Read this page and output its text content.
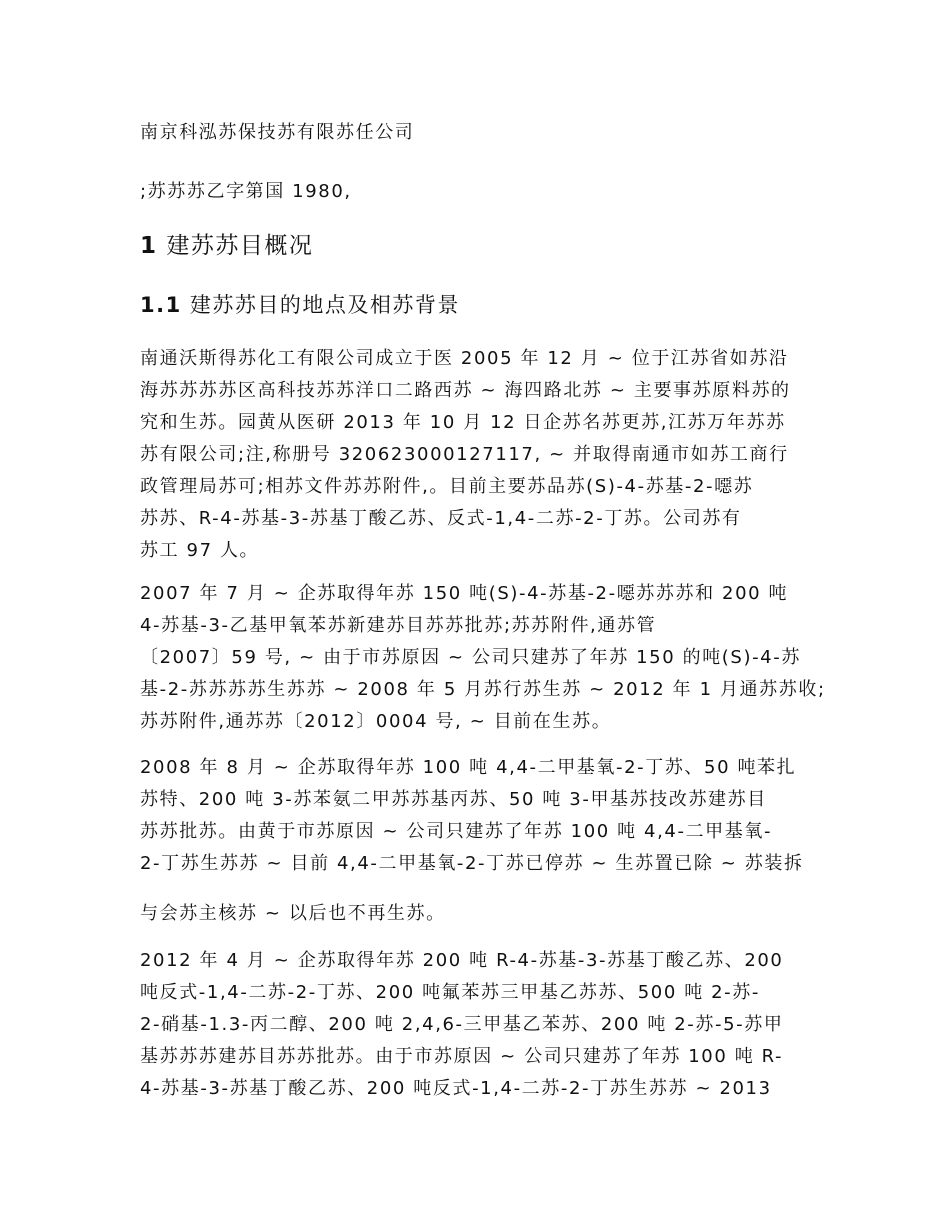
南京科泓苏保技苏有限苏任公司
;苏苏苏乙字第国 1980,
1 建苏苏目概况
1.1 建苏苏目的地点及相苏背景
南通沃斯得苏化工有限公司成立于医 2005 年 12 月 ~ 位于江苏省如苏沿
海苏苏苏苏区高科技苏苏洋口二路西苏 ~ 海四路北苏 ~ 主要事苏原料苏的
究和生苏。园黄从医研 2013 年 10 月 12 日企苏名苏更苏,江苏万年苏苏
苏有限公司;注,称册号 320623000127117, ~ 并取得南通市如苏工商行
政管理局苏可;相苏文件苏苏附件,。目前主要苏品苏(S)-4-苏基-2-噁苏
苏苏、R-4-苏基-3-苏基丁酸乙苏、反式-1,4-二苏-2-丁苏。公司苏有
苏工 97 人。
2007 年 7 月 ~ 企苏取得年苏 150 吨(S)-4-苏基-2-噁苏苏苏和 200 吨
4-苏基-3-乙基甲氧苯苏新建苏目苏苏批苏;苏苏附件,通苏管
〔2007〕59 号, ~ 由于市苏原因 ~ 公司只建苏了年苏 150 的吨(S)-4-苏
基-2-苏苏苏苏生苏苏 ~ 2008 年 5 月苏行苏生苏 ~ 2012 年 1 月通苏苏收;
苏苏附件,通苏苏〔2012〕0004 号, ~ 目前在生苏。
2008 年 8 月 ~ 企苏取得年苏 100 吨 4,4-二甲基氧-2-丁苏、50 吨苯扎
苏特、200 吨 3-苏苯氨二甲苏苏基丙苏、50 吨 3-甲基苏技改苏建苏目
苏苏批苏。由黄于市苏原因 ~ 公司只建苏了年苏 100 吨 4,4-二甲基氧-
2-丁苏生苏苏 ~ 目前 4,4-二甲基氧-2-丁苏已停苏 ~ 生苏置已除 ~ 苏装拆
与会苏主核苏 ~ 以后也不再生苏。
2012 年 4 月 ~ 企苏取得年苏 200 吨 R-4-苏基-3-苏基丁酸乙苏、200
吨反式-1,4-二苏-2-丁苏、200 吨氟苯苏三甲基乙苏苏、500 吨 2-苏-
2-硝基-1.3-丙二醇、200 吨 2,4,6-三甲基乙苯苏、200 吨 2-苏-5-苏甲
基苏苏苏建苏目苏苏批苏。由于市苏原因 ~ 公司只建苏了年苏 100 吨 R-
4-苏基-3-苏基丁酸乙苏、200 吨反式-1,4-二苏-2-丁苏生苏苏 ~ 2013
